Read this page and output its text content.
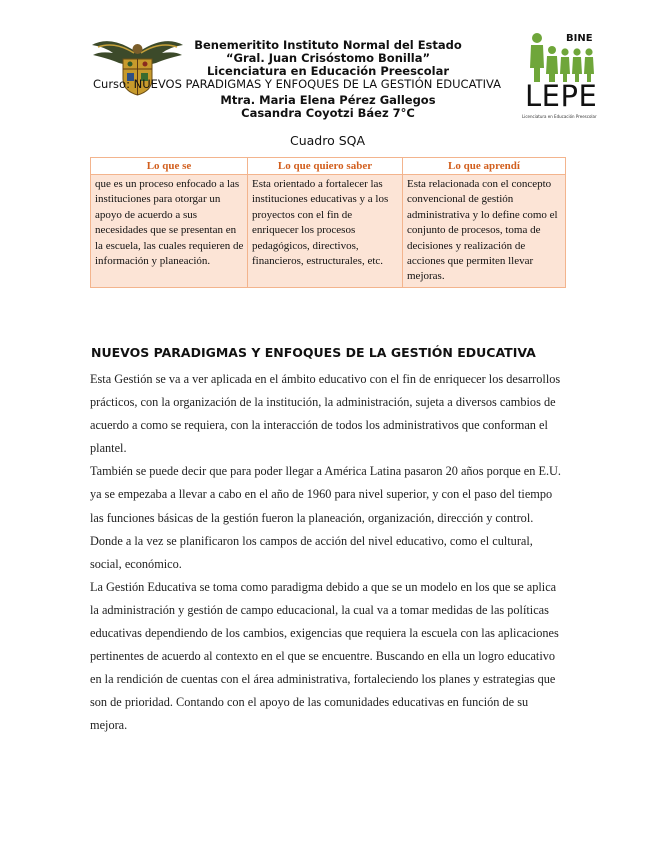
Benemeritito Instituto Normal del Estado
“Gral. Juan Crisóstomo Bonilla”
Licenciatura en Educación Preescolar
Curso: NUEVOS PARADIGMAS Y ENFOQUES DE LA GESTIÓN EDUCATIVA
Mtra. Maria Elena Pérez Gallegos
Casandra Coyotzi Báez 7°C
BINE
LEPE
Licenciatura en Educación Preescolar
Cuadro SQA
Lo que se	Lo que quiero saber	Lo que aprendí
que es un proceso enfocado a las instituciones para otorgar un apoyo de acuerdo a sus necesidades que se presentan en la escuela, las cuales requieren de información y planeación.	Esta orientado a fortalecer las instituciones educativas y a los proyectos con el fin de enriquecer los procesos pedagógicos, directivos, financieros, estructurales, etc.	Esta relacionada con el concepto convencional de gestión administrativa y lo define como el conjunto de procesos, toma de decisiones y realización de acciones que permiten llevar mejoras.
NUEVOS PARADIGMAS Y ENFOQUES DE LA GESTIÓN EDUCATIVA

Esta Gestión se va a ver aplicada en el ámbito educativo con el fin de enriquecer los desarrollos prácticos, con la organización de la institución, la administración, sujeta a diversos cambios de acuerdo a como se requiera, con la interacción de todos los administrativos que conforman el plantel.

También se puede decir que para poder llegar a América Latina pasaron 20 años porque en E.U. ya se empezaba a llevar a cabo en el año de 1960 para nivel superior, y con el paso del tiempo las funciones básicas de la gestión fueron la planeación, organización, dirección y control.

Donde a la vez se planificaron los campos de acción del nivel educativo, como el cultural, social, económico.

La Gestión Educativa se toma como paradigma debido a que se un modelo en los que se aplica la administración y gestión de campo educacional, la cual va a tomar medidas de las políticas educativas dependiendo de los cambios, exigencias que requiera la escuela con las aplicaciones pertinentes de acuerdo al contexto en el que se encuentre. Buscando en ella un logro educativo en la rendición de cuentas con el área administrativa, fortaleciendo los planes y estrategias que son de prioridad. Contando con el apoyo de las comunidades educativas en función de su mejora.
